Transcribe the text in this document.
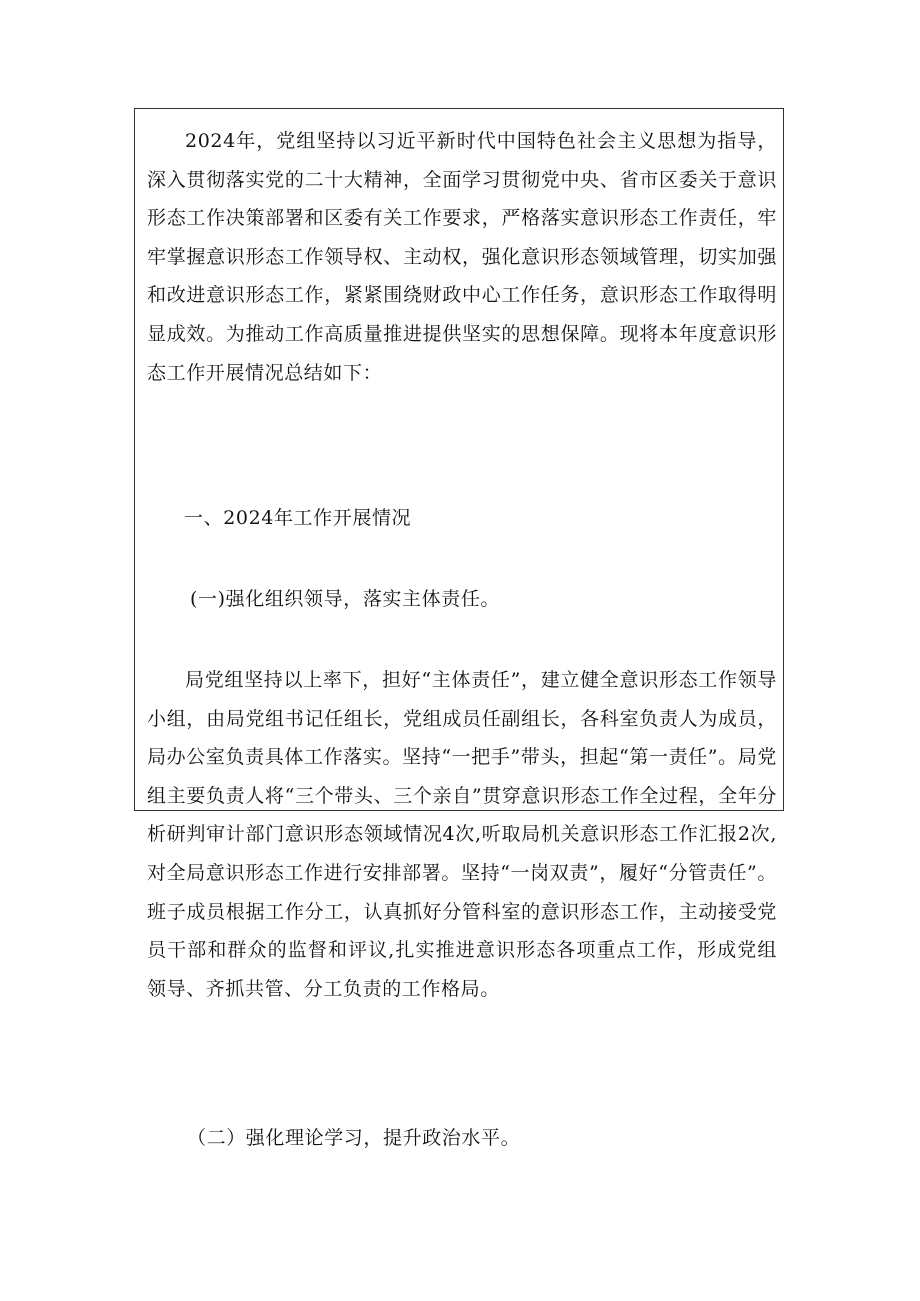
2024年，党组坚持以习近平新时代中国特色社会主义思想为指导，深入贯彻落实党的二十大精神，全面学习贯彻党中央、省市区委关于意识形态工作决策部署和区委有关工作要求，严格落实意识形态工作责任，牢牢掌握意识形态工作领导权、主动权，强化意识形态领域管理，切实加强和改进意识形态工作，紧紧围绕财政中心工作任务，意识形态工作取得明显成效。为推动工作高质量推进提供坚实的思想保障。现将本年度意识形态工作开展情况总结如下：

一、2024年工作开展情况

(一)强化组织领导，落实主体责任。

局党组坚持以上率下，担好“主体责任”，建立健全意识形态工作领导小组，由局党组书记任组长，党组成员任副组长，各科室负责人为成员，局办公室负责具体工作落实。坚持“一把手”带头，担起“第一责任”。局党组主要负责人将“三个带头、三个亲自”贯穿意识形态工作全过程，全年分析研判审计部门意识形态领域情况4次,听取局机关意识形态工作汇报2次,对全局意识形态工作进行安排部署。坚持“一岗双责”，履好“分管责任”。班子成员根据工作分工，认真抓好分管科室的意识形态工作，主动接受党员干部和群众的监督和评议,扎实推进意识形态各项重点工作，形成党组领导、齐抓共管、分工负责的工作格局。

（二）强化理论学习，提升政治水平。
